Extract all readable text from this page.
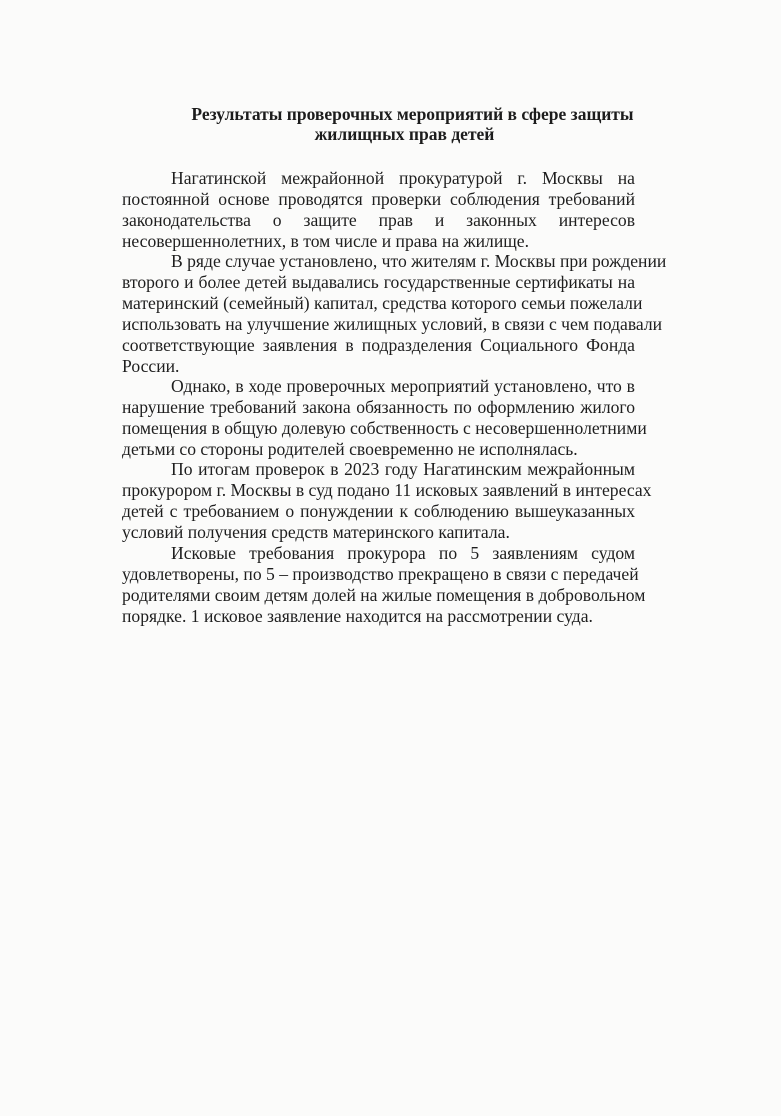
Результаты проверочных мероприятий в сфере защиты
жилищных прав детей
Нагатинской межрайонной прокуратурой г. Москвы на
постоянной основе проводятся проверки соблюдения требований
законодательства о защите прав и законных интересов
несовершеннолетних, в том числе и права на жилище.
В ряде случае установлено, что жителям г. Москвы при рождении
второго и более детей выдавались государственные сертификаты на
материнский (семейный) капитал, средства которого семьи пожелали
использовать на улучшение жилищных условий, в связи с чем подавали
соответствующие заявления в подразделения Социального Фонда
России.
Однако, в ходе проверочных мероприятий установлено, что в
нарушение требований закона обязанность по оформлению жилого
помещения в общую долевую собственность с несовершеннолетними
детьми со стороны родителей своевременно не исполнялась.
По итогам проверок в 2023 году Нагатинским межрайонным
прокурором г. Москвы в суд подано 11 исковых заявлений в интересах
детей с требованием о понуждении к соблюдению вышеуказанных
условий получения средств материнского капитала.
Исковые требования прокурора по 5 заявлениям судом
удовлетворены, по 5 – производство прекращено в связи с передачей
родителями своим детям долей на жилые помещения в добровольном
порядке. 1 исковое заявление находится на рассмотрении суда.
